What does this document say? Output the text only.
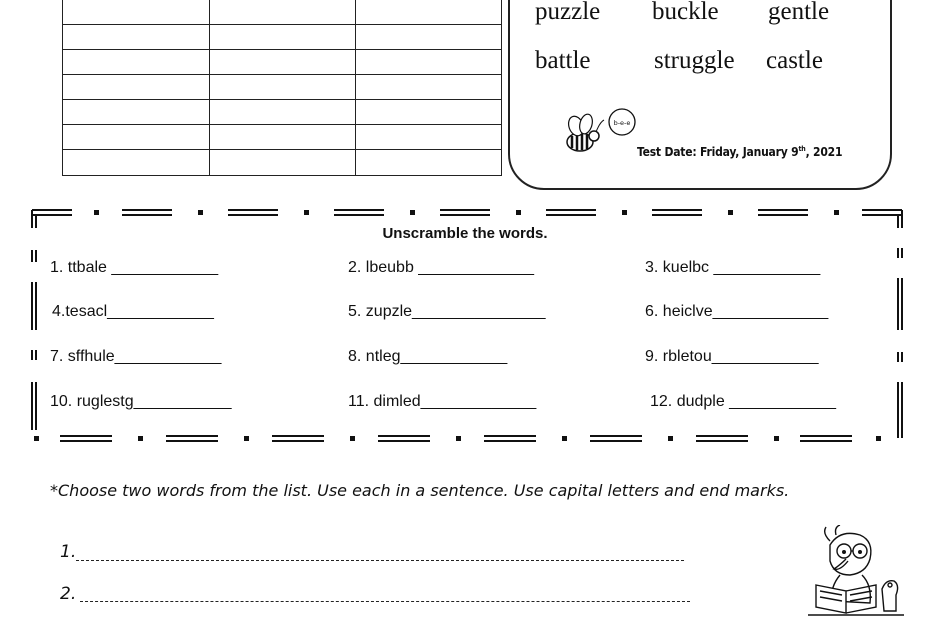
puzzle buckle gentle
battle	struggle castle
b-e-e
Test Date: Friday, January 9th, 2021
Unscramble the words.
1. ttbale ____________	2. lbeubb _____________	3. kuelbc ____________
4.tesacl____________	5. zupzle_______________	6. heiclve_____________
7. sffhule____________	8. ntleg____________	9. rbletou____________
10. ruglestg___________	11. dimled_____________	12. dudple ____________
*Choose two words from the list. Use each in a sentence. Use capital letters and end marks.
1.
2.
